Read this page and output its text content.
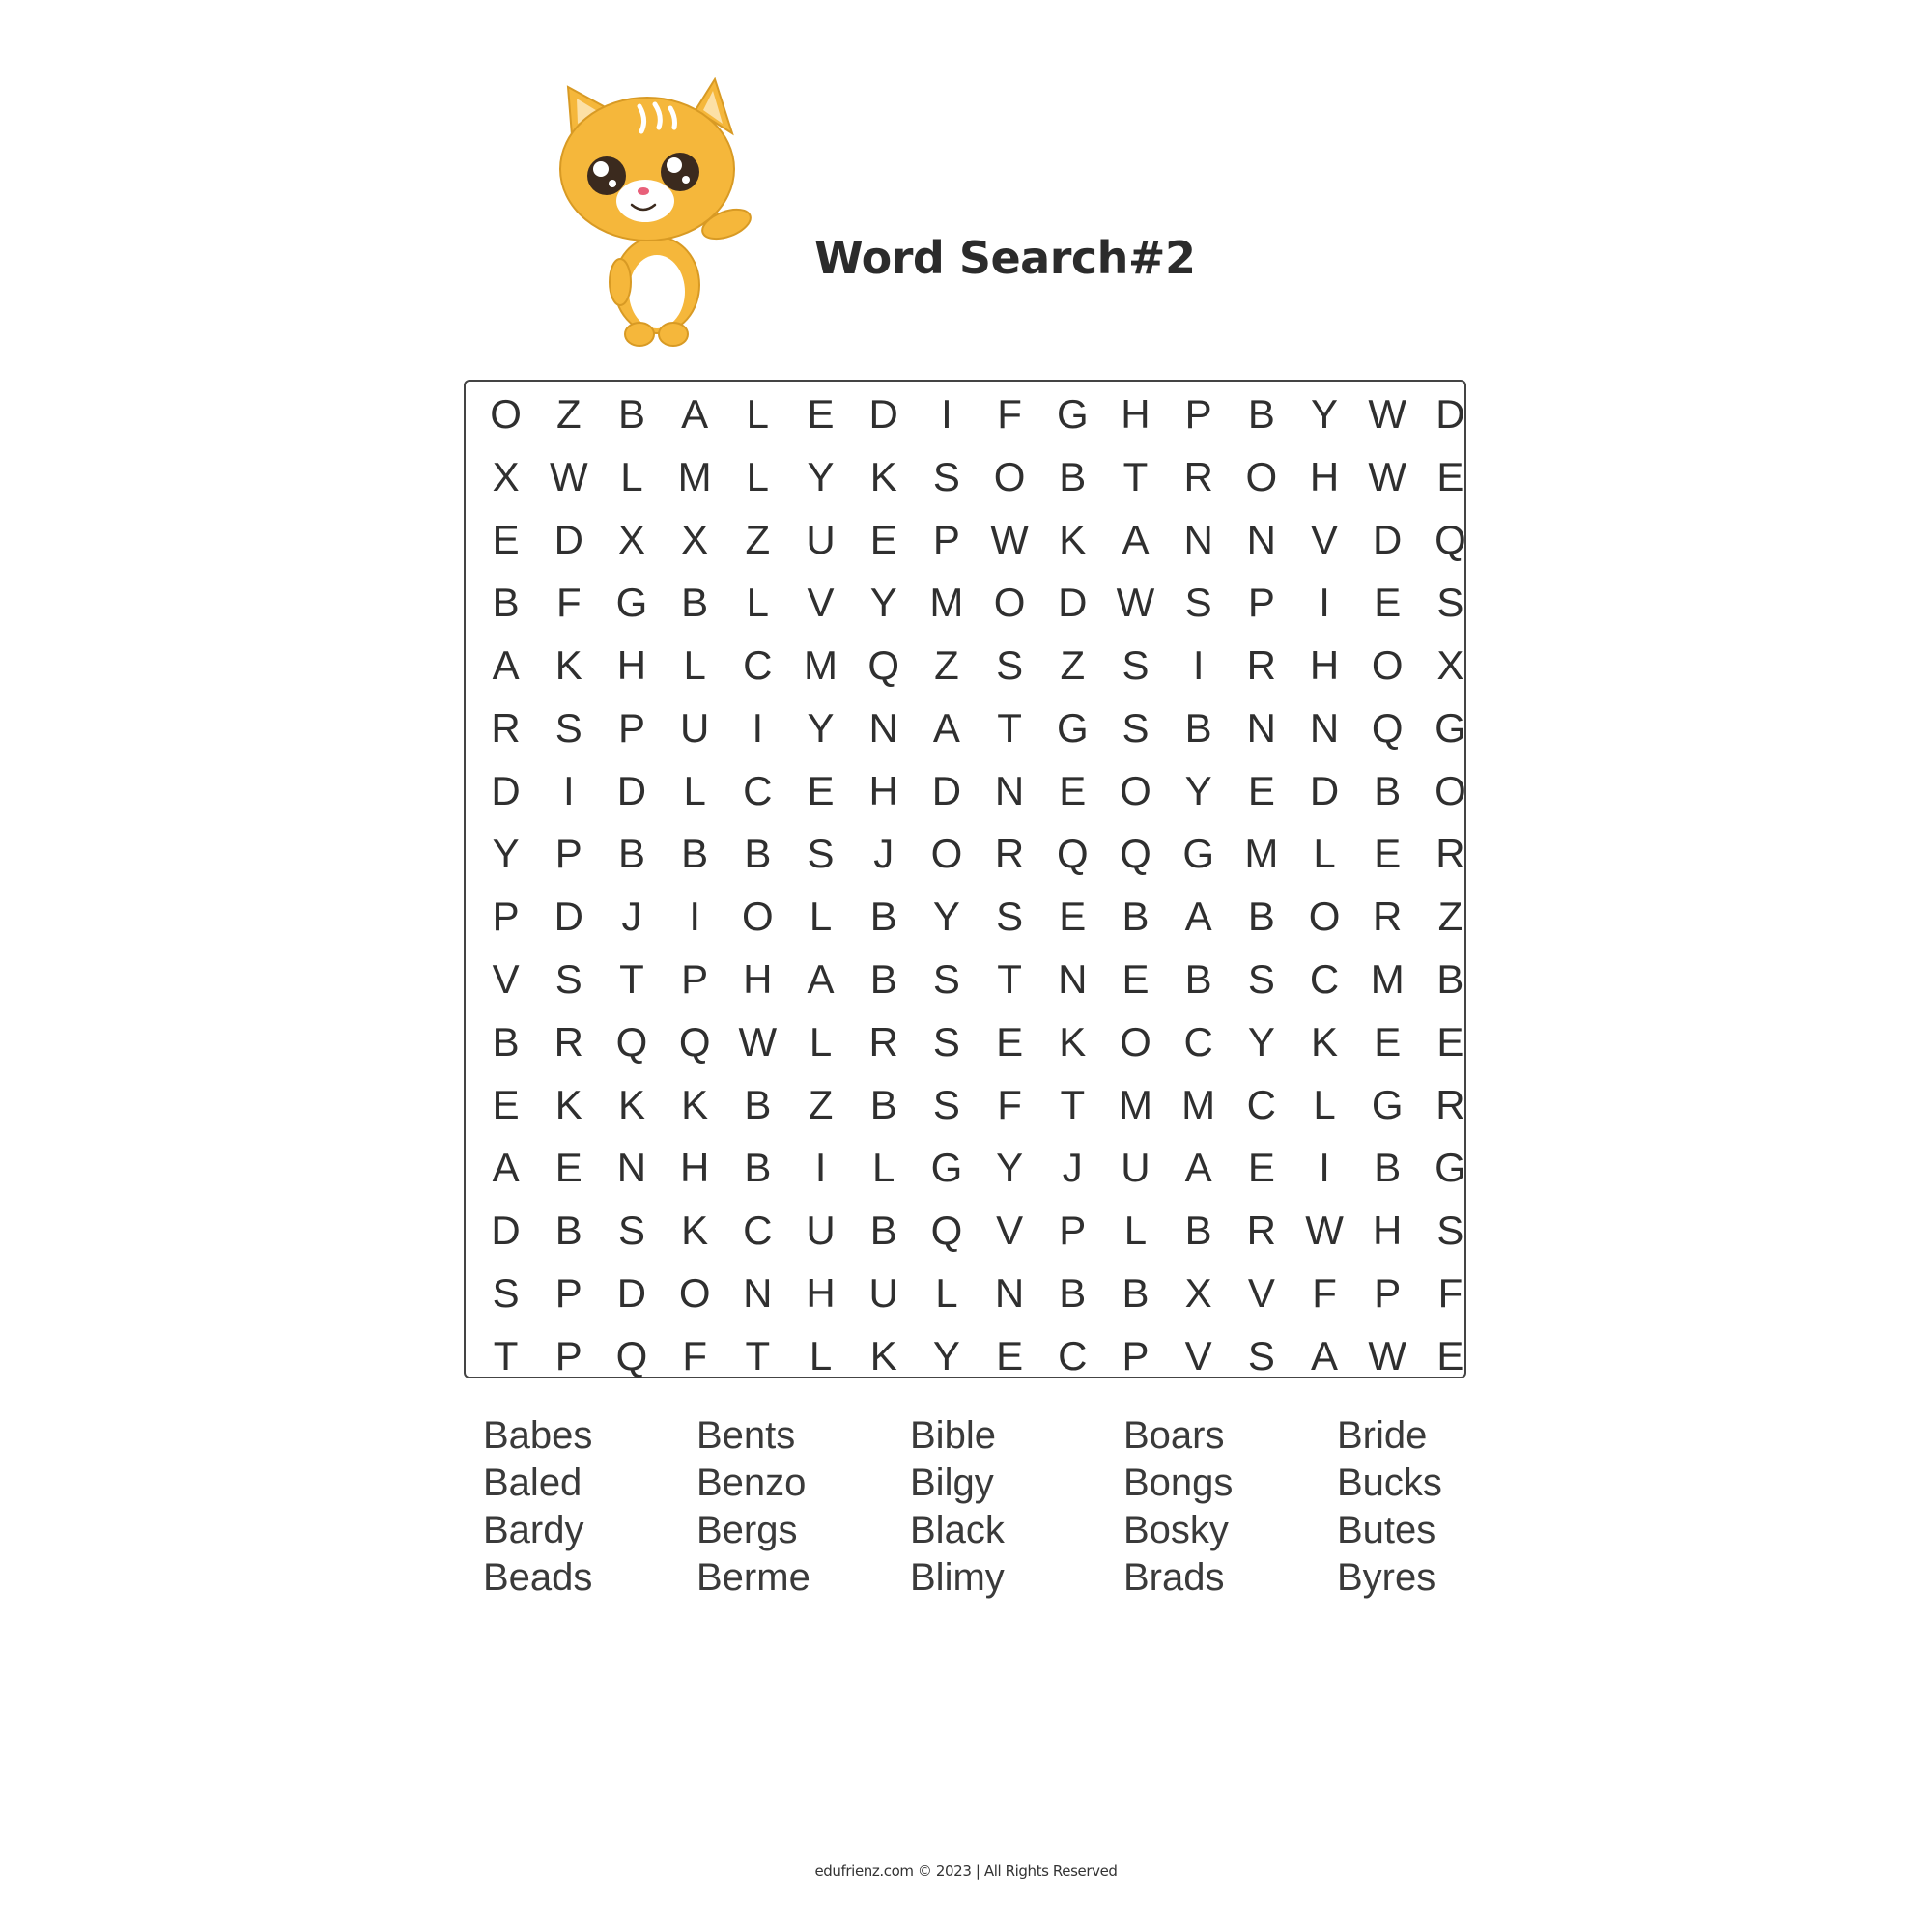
Word Search#2
O Z B A L E D	I	F G H P B Y W D
X W L M L Y K S O B T R O H W E
E D X X Z U E P W K A N N V D Q
B F G B L V Y M O D W S P	I	E S
A K H L C M Q Z S Z S	I	R H O X
R S P U	I	Y N A T G S B N N Q G
D	I	D L C E H D N E O Y E D B O
Y P B B B S J O R Q Q G M L E R
P D J	I	O L B Y S E B A B O R Z
V S T P H A B S T N E B S C M B
B R Q Q W L R S E K O C Y K E E
E K K K B Z B S F T M M C L G R
A E N H B	I	L G Y J U A E	I	B G
D B S K C U B Q V P L B R W H S
S P D O N H U L N B B X V F P F
T P Q F T L K Y E C P V S A W E
Babes	Bents	Bible	Boars	Bride
Baled	Benzo	Bilgy	Bongs	Bucks
Bardy	Bergs	Black	Bosky	Butes
Beads	Berme	Blimy	Brads	Byres
edufrienz.com © 2023 | All Rights Reserved
